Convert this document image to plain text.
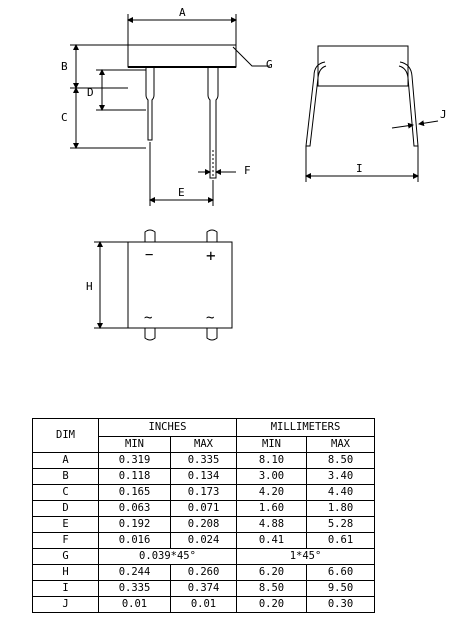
A
B
C
D
E
F
G
I
J
H
−	+
~	~
DIM	INCHES		MILLIMETERS	
	MIN	MAX	MIN	MAX
A	0.319	0.335	8.10	8.50
B	0.118	0.134	3.00	3.40
C	0.165	0.173	4.20	4.40
D	0.063	0.071	1.60	1.80
E	0.192	0.208	4.88	5.28
F	0.016	0.024	0.41	0.61
G	0.039*45°		1*45°	
H	0.244	0.260	6.20	6.60
I	0.335	0.374	8.50	9.50
J	0.01	0.01	0.20	0.30
